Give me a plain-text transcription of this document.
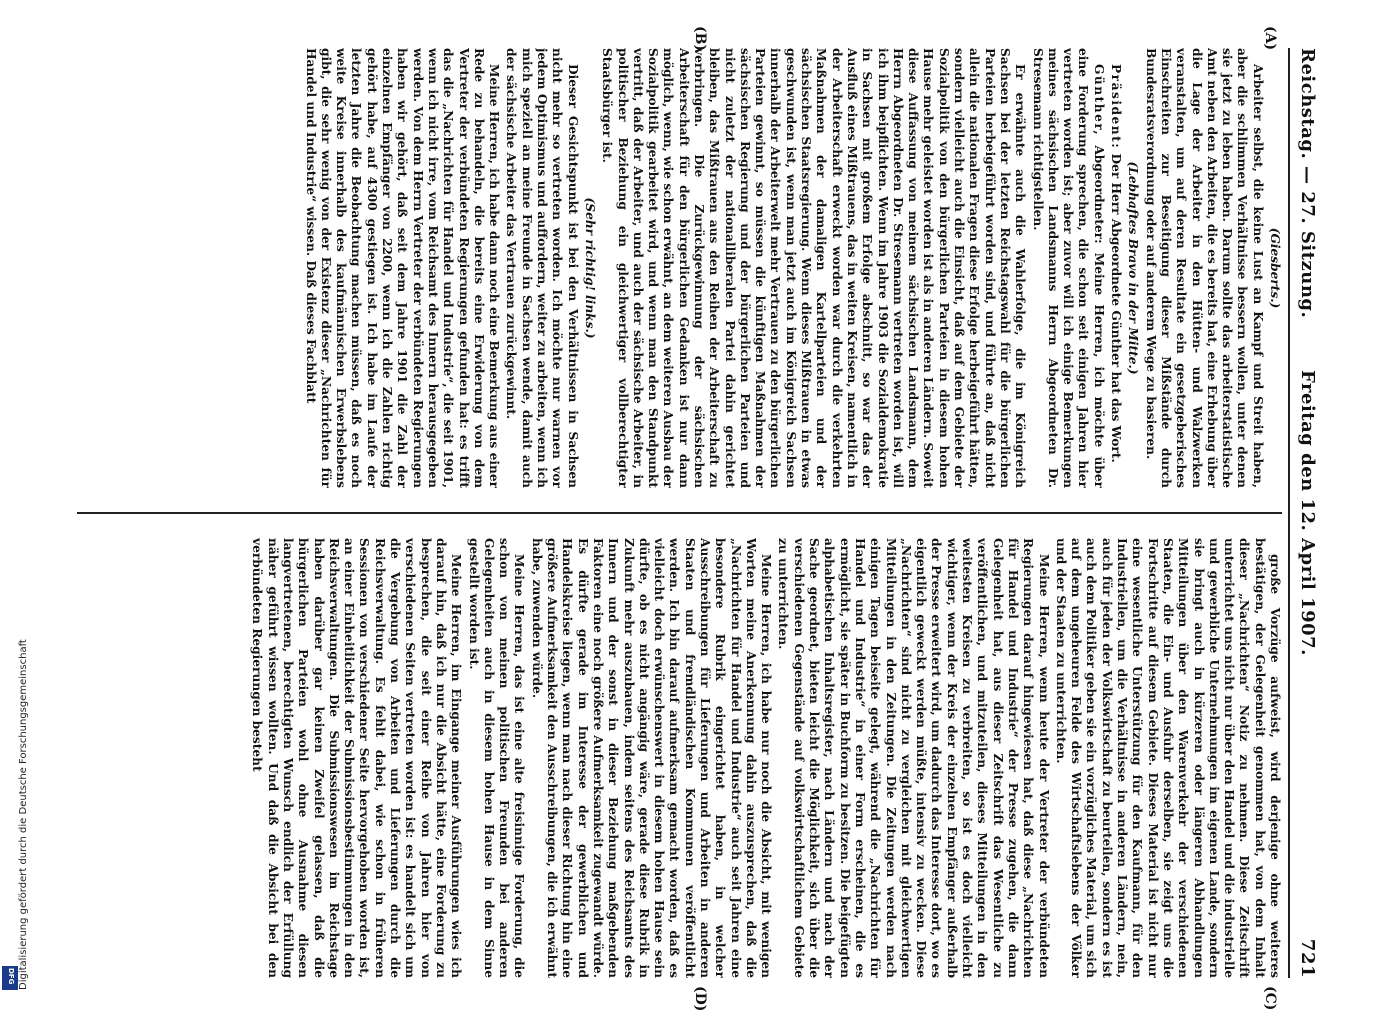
Digitalisierung gefördert durch die Deutsche Forschungsgemeinschaft
DFG
Reichstag. — 27. Sitzung.
Freitag den 12. April 1907.
721
(A)
(B)
(C)
(D)

(Giesberts.)

Arbeiter selbst, die keine Lust an Kampf und Streit haben, aber die schlimmen Verhältnisse bessern wollen, unter denen sie jetzt zu leben haben. Darum sollte das arbeiterstatistische Amt neben den Arbeiten, die es bereits hat, eine Erhebung über die Lage der Arbeiter in den Hütten- und Walzwerken veranstalten, um auf deren Resultate ein gesetzgeberisches Einschreiten zur Beseitigung dieser Mißstände durch Bundesratsverordnung oder auf anderem Wege zu basieren.

(Lebhaftes Bravo in der Mitte.)

Präsident: Der Herr Abgeordnete Günther hat das Wort.

Günther, Abgeordneter: Meine Herren, ich möchte über eine Forderung sprechen, die schon seit einigen Jahren hier vertreten worden ist; aber zuvor will ich einige Bemerkungen meines sächsischen Landsmanns Herrn Abgeordneten Dr. Stresemann richtigstellen.

Er erwähnte auch die Wahlerfolge, die im Königreich Sachsen bei der letzten Reichstagswahl für die bürgerlichen Parteien herbeigeführt worden sind, und führte an, daß nicht allein die nationalen Fragen diese Erfolge herbeigeführt hätten, sondern vielleicht auch die Einsicht, daß auf dem Gebiete der Sozialpolitik von den bürgerlichen Parteien in diesem hohen Hause mehr geleistet worden ist als in anderen Ländern. Soweit diese Auffassung von meinem sächsischen Landsmann, dem Herrn Abgeordneten Dr. Stresemann vertreten worden ist, will ich ihm beipflichten. Wenn im Jahre 1903 die Sozialdemokratie in Sachsen mit großem Erfolge abschnitt, so war das der Ausfluß eines Mißtrauens, das in weiten Kreisen, namentlich in der Arbeiterschaft erweckt worden war durch die verkehrten Maßnahmen der damaligen Kartellparteien und der sächsischen Staatsregierung. Wenn dieses Mißtrauen in etwas geschwunden ist, wenn man jetzt auch im Königreich Sachsen innerhalb der Arbeiterwelt mehr Vertrauen zu den bürgerlichen Parteien gewinnt, so müssen die künftigen Maßnahmen der sächsischen Regierung und der bürgerlichen Parteien und nicht zuletzt der nationalliberalen Partei dahin gerichtet bleiben, das Mißtrauen aus den Reihen der Arbeiterschaft zu verbringen. Die Zurückgewinnung der sächsischen Arbeiterschaft für den bürgerlichen Gedanken ist nur dann möglich, wenn, wie schon erwähnt, an dem weiteren Ausbau der Sozialpolitik gearbeitet wird, und wenn man den Standpunkt vertritt, daß der Arbeiter, und auch der sächsische Arbeiter, in politischer Beziehung ein gleichwertiger vollberechtigter Staatsbürger ist.

(Sehr richtig! links.)

Dieser Gesichtspunkt ist bei den Verhältnissen in Sachsen nicht mehr so vertreten worden. Ich möchte nur warnen vor jedem Optimismus und auffordern, weiter zu arbeiten, wenn ich mich speziell an meine Freunde in Sachsen wende, damit auch der sächsische Arbeiter das Vertrauen zurückgewinnt.

Meine Herren, ich habe dann noch eine Bemerkung aus einer Rede zu behandeln, die bereits eine Erwiderung von dem Vertreter der verbündeten Regierungen gefunden hat: es trifft das die „Nachrichten für Handel und Industrie“, die seit 1901, wenn ich nicht irre, vom Reichsamt des Innern herausgegeben werden. Von dem Herrn Vertreter der verbündeten Regierungen haben wir gehört, daß seit dem Jahre 1901 die Zahl der einzelnen Empfänger von 2200, wenn ich die Zahlen richtig gehört habe, auf 4300 gestiegen ist. Ich habe im Laufe der letzten Jahre die Beobachtung machen müssen, daß es noch weite Kreise innerhalb des kaufmännischen Erwerbslebens gibt, die sehr wenig von der Existenz dieser „Nachrichten für Handel und Industrie“ wissen. Daß dieses Fachblatt

große Vorzüge aufweist, wird derjenige ohne weiteres bestätigen, der Gelegenheit genommen hat, von dem Inhalt dieser „Nachrichten“ Notiz zu nehmen. Diese Zeitschrift unterrichtet uns nicht nur über den Handel und die industrielle und gewerbliche Unternehmungen im eigenen Lande, sondern sie bringt auch in kürzeren oder längeren Abhandlungen Mitteilungen über den Warenverkehr der verschiedenen Staaten, die Ein- und Ausfuhr derselben, sie zeigt uns die Fortschritte auf diesem Gebiete. Dieses Material ist nicht nur eine wesentliche Unterstützung für den Kaufmann, für den Industriellen, um die Verhältnisse in anderen Ländern, nein, auch für jeden der Volkswirtschaft zu beurteilen, sondern es ist auch dem Politiker geben sie ein vorzügliches Material, um sich auf dem ungeheuren Felde des Wirtschaftslebens der Völker und der Staaten zu unterrichten.

Meine Herren, wenn heute der Vertreter der verbündeten Regierungen darauf hingewiesen hat, daß diese „Nachrichten für Handel und Industrie“ der Presse zugehen, die dann Gelegenheit hat, aus dieser Zeitschrift das Wesentliche zu veröffentlichen, und mitzuteilen, dieses Mitteilungen in den weitesten Kreisen zu verbreiten, so ist es doch vielleicht wichtiger, wenn der Kreis der einzelnen Empfänger außerhalb der Presse erweitert wird, um dadurch das Interesse dort, wo es eigentlich geweckt werden müßte, intensiv zu wecken. Diese „Nachrichten“ sind nicht zu vergleichen mit gleichwertigen Mitteilungen in den Zeitungen. Die Zeitungen werden nach einigen Tagen beiseite gelegt, während die „Nachrichten für Handel und Industrie“ in einer Form erscheinen, die es ermöglicht, sie später in Buchform zu besitzen. Die beigefügten alphabetischen Inhaltsregister, nach Ländern und nach der Sache geordnet, bieten leicht die Möglichkeit, sich über die verschiedenen Gegenstände auf volkswirtschaftlichem Gebiete zu unterrichten.

Meine Herren, ich habe nur noch die Absicht, mit wenigen Worten meine Anerkennung dahin auszusprechen, daß die „Nachrichten für Handel und Industrie“ auch seit Jahren eine besondere Rubrik eingerichtet haben, in welcher Ausschreibungen für Lieferungen und Arbeiten in anderen Staaten und fremdländischen Kommunen veröffentlicht werden. Ich bin darauf aufmerksam gemacht worden, daß es vielleicht doch erwünschenswert in diesem hohen Hause sein dürfte, ob es nicht angängig wäre, gerade diese Rubrik in Zukunft mehr auszubauen, indem seitens des Reichsamts des Innern und der sonst in dieser Beziehung maßgebenden Faktoren eine noch größere Aufmerksamkeit zugewandt würde. Es dürfte gerade im Interesse der gewerblichen und Handelskreise liegen, wenn man nach dieser Richtung hin eine größere Aufmerksamkeit den Ausschreibungen, die ich erwähnt habe, zuwenden würde.

Meine Herren, das ist eine alte freisinnige Forderung, die schon von meinen politischen Freunden bei anderen Gelegenheiten auch in diesem hohen Hause in dem Sinne gestellt worden ist.

Meine Herren, im Eingange meiner Ausführungen wies ich darauf hin, daß ich nur die Absicht hätte, eine Forderung zu besprechen, die seit einer Reihe von Jahren hier von verschiedenen Seiten vertreten worden ist: es handelt sich um die Vergebung von Arbeiten und Lieferungen durch die Reichsverwaltung. Es fehlt dabei, wie schon in früheren Sessionen von verschiedener Seite hervorgehoben worden ist, an einer Einheitlichkeit der Submissionsbestimmungen in den Reichsverwaltungen. Die Submissionswesen im Reichstage haben darüber gar keinen Zweifel gelassen, daß die bürgerlichen Parteien wohl ohne Ausnahme diesen langvertretenen, berechtigten Wunsch endlich der Erfüllung näher geführt wissen wollten. Und daß die Absicht bei den verbündeten Regierungen besteht
